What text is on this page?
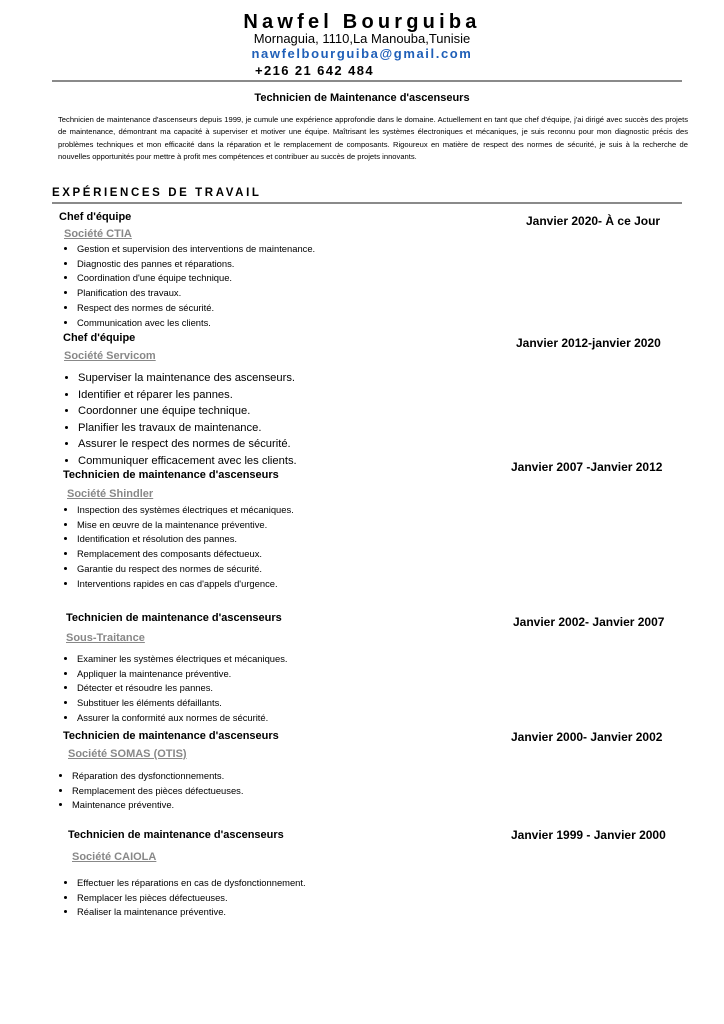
Nawfel Bourguiba
Mornaguia, 1110,La Manouba,Tunisie
nawfelbourguiba@gmail.com
+216 21 642 484
Technicien de Maintenance d'ascenseurs
Technicien de maintenance d'ascenseurs depuis 1999, je cumule une expérience approfondie dans le domaine. Actuellement en tant que chef d'équipe, j'ai dirigé avec succès des projets de maintenance, démontrant ma capacité à superviser et motiver une équipe. Maîtrisant les systèmes électroniques et mécaniques, je suis reconnu pour mon diagnostic précis des problèmes techniques et mon efficacité dans la réparation et le remplacement de composants. Rigoureux en matière de respect des normes de sécurité, je suis à la recherche de nouvelles opportunités pour mettre à profit mes compétences et contribuer au succès de projets innovants.
EXPÉRIENCES DE TRAVAIL
Chef d'équipe
Société CTIA
Janvier 2020- À ce Jour
• Gestion et supervision des interventions de maintenance.
• Diagnostic des pannes et réparations.
• Coordination d'une équipe technique.
• Planification des travaux.
• Respect des normes de sécurité.
• Communication avec les clients.
Chef d'équipe
Société Servicom
Janvier 2012-janvier 2020
• Superviser la maintenance des ascenseurs.
• Identifier et réparer les pannes.
• Coordonner une équipe technique.
• Planifier les travaux de maintenance.
• Assurer le respect des normes de sécurité.
• Communiquer efficacement avec les clients.
Technicien de maintenance d'ascenseurs
Société Shindler
Janvier 2007 -Janvier 2012
• Inspection des systèmes électriques et mécaniques.
• Mise en œuvre de la maintenance préventive.
• Identification et résolution des pannes.
• Remplacement des composants défectueux.
• Garantie du respect des normes de sécurité.
• Interventions rapides en cas d'appels d'urgence.
Technicien de maintenance d'ascenseurs
Sous-Traitance
Janvier 2002- Janvier 2007
• Examiner les systèmes électriques et mécaniques.
• Appliquer la maintenance préventive.
• Détecter et résoudre les pannes.
• Substituer les éléments défaillants.
• Assurer la conformité aux normes de sécurité.
Technicien de maintenance d'ascenseurs
Société SOMAS (OTIS)
Janvier 2000- Janvier 2002
• Réparation des dysfonctionnements.
• Remplacement des pièces défectueuses.
• Maintenance préventive.
Technicien de maintenance d'ascenseurs
Société CAIOLA
Janvier 1999 - Janvier 2000
• Effectuer les réparations en cas de dysfonctionnement.
• Remplacer les pièces défectueuses.
• Réaliser la maintenance préventive.
